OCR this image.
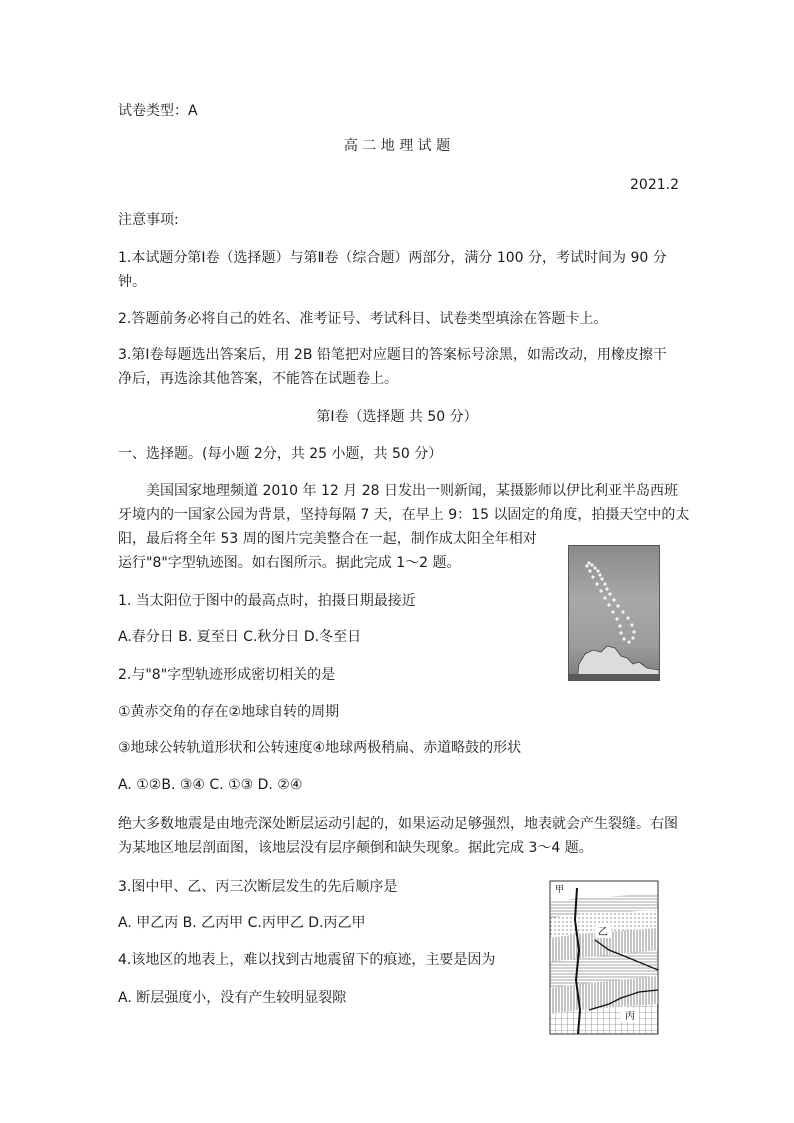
试卷类型：A
高 二 地 理 试 题
2021.2
注意事项:
1.本试题分第Ⅰ卷（选择题）与第Ⅱ卷（综合题）两部分，满分 100 分，考试时间为 90 分
钟。
2.答题前务必将自己的姓名、准考证号、考试科目、试卷类型填涂在答题卡上。
3.第Ⅰ卷每题选出答案后，用 2B 铅笔把对应题目的答案标号涂黑，如需改动，用橡皮擦干
净后，再选涂其他答案，不能答在试题卷上。
第Ⅰ卷（选择题 共 50 分）
一、选择题。(每小题 2分，共 25 小题，共 50 分）
美国国家地理频道 2010 年 12 月 28 日发出一则新闻，某摄影师以伊比利亚半岛西班
牙境内的一国家公园为背景，坚持每隔 7 天，在早上 9：15 以固定的角度，拍摄天空中的太
阳，最后将全年 53 周的图片完美整合在一起，制作成太阳全年相对
运行"8"字型轨迹图。如右图所示。据此完成 1～2 题。
1. 当太阳位于图中的最高点时，拍摄日期最接近
A.春分日 B. 夏至日 C.秋分日 D.冬至日
2.与"8"字型轨迹形成密切相关的是
①黄赤交角的存在②地球自转的周期
③地球公转轨道形状和公转速度④地球两极稍扁、赤道略鼓的形状
A. ①②B. ③④ C. ①③ D. ②④
绝大多数地震是由地壳深处断层运动引起的，如果运动足够强烈，地表就会产生裂缝。右图
为某地区地层剖面图，该地层没有层序颠倒和缺失现象。据此完成 3～4 题。
3.图中甲、乙、丙三次断层发生的先后顺序是
A. 甲乙丙 B. 乙丙甲 C.丙甲乙 D.丙乙甲
4.该地区的地表上，难以找到古地震留下的痕迹，主要是因为
A. 断层强度小，没有产生较明显裂隙
甲
乙
丙
